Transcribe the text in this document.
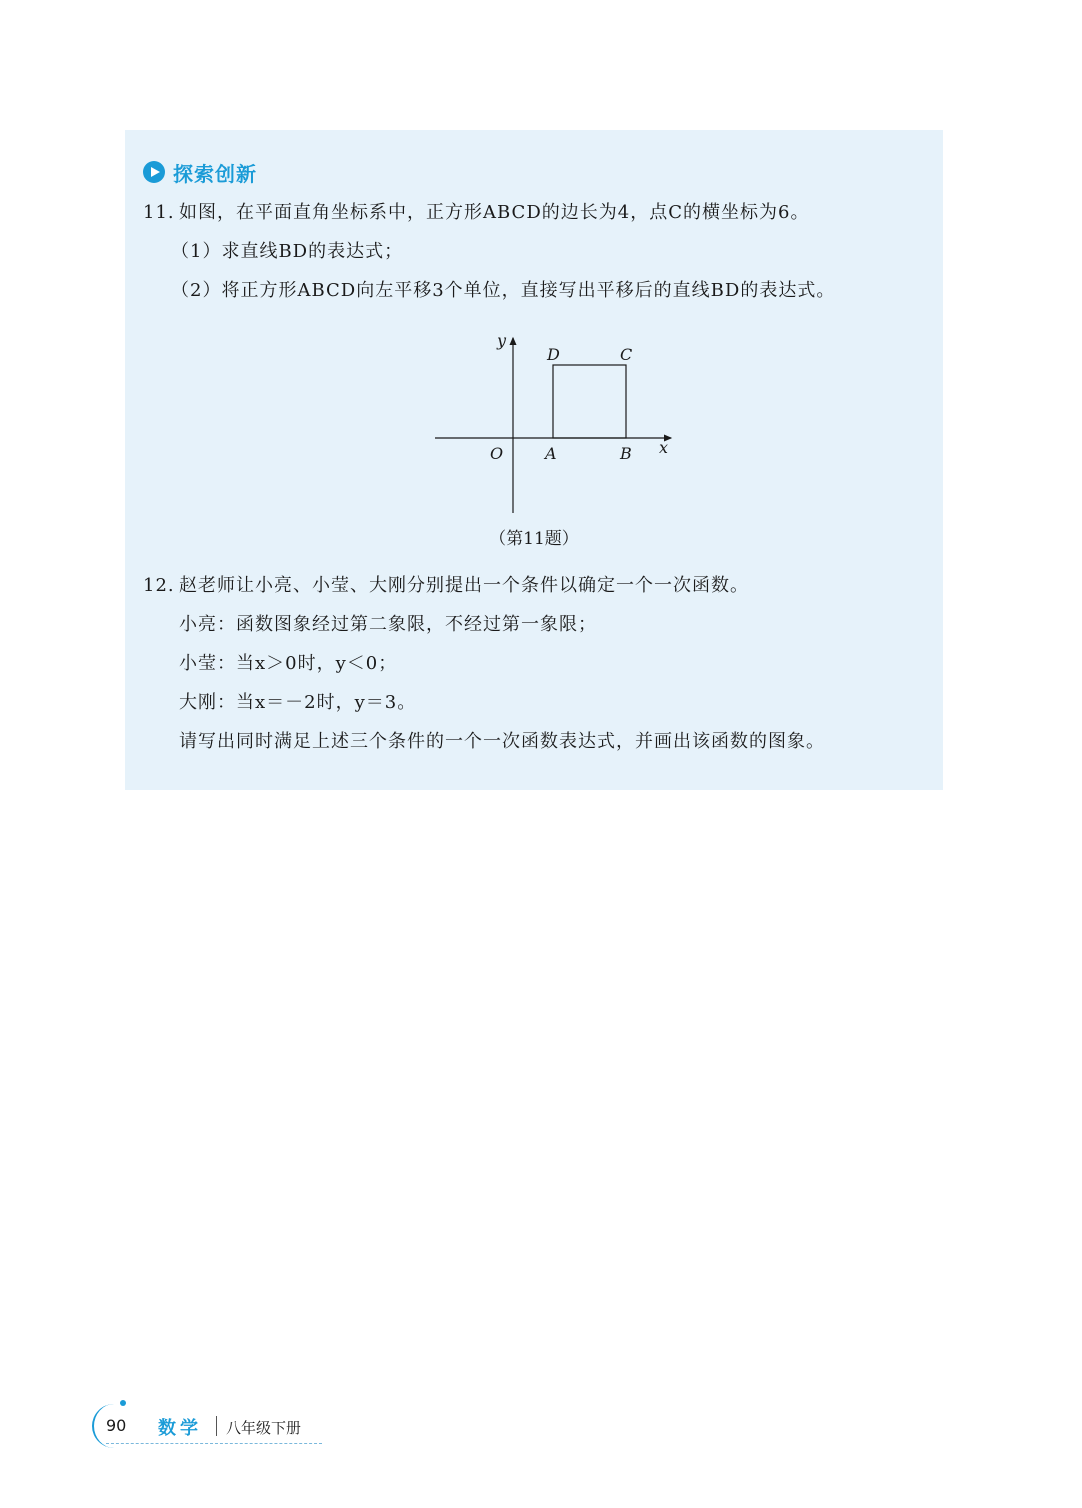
探索创新
11. 如图，在平面直角坐标系中，正方形ABCD的边长为4，点C的横坐标为6。
（1）求直线BD的表达式；
（2）将正方形ABCD向左平移3个单位，直接写出平移后的直线BD的表达式。
y
x
O	A	B
D	C
（第11题）
12. 赵老师让小亮、小莹、大刚分别提出一个条件以确定一个一次函数。
小亮：函数图象经过第二象限，不经过第一象限；
小莹：当x＞0时，y＜0；
大刚：当x＝－2时，y＝3。
请写出同时满足上述三个条件的一个一次函数表达式，并画出该函数的图象。
90 数学 八年级下册
